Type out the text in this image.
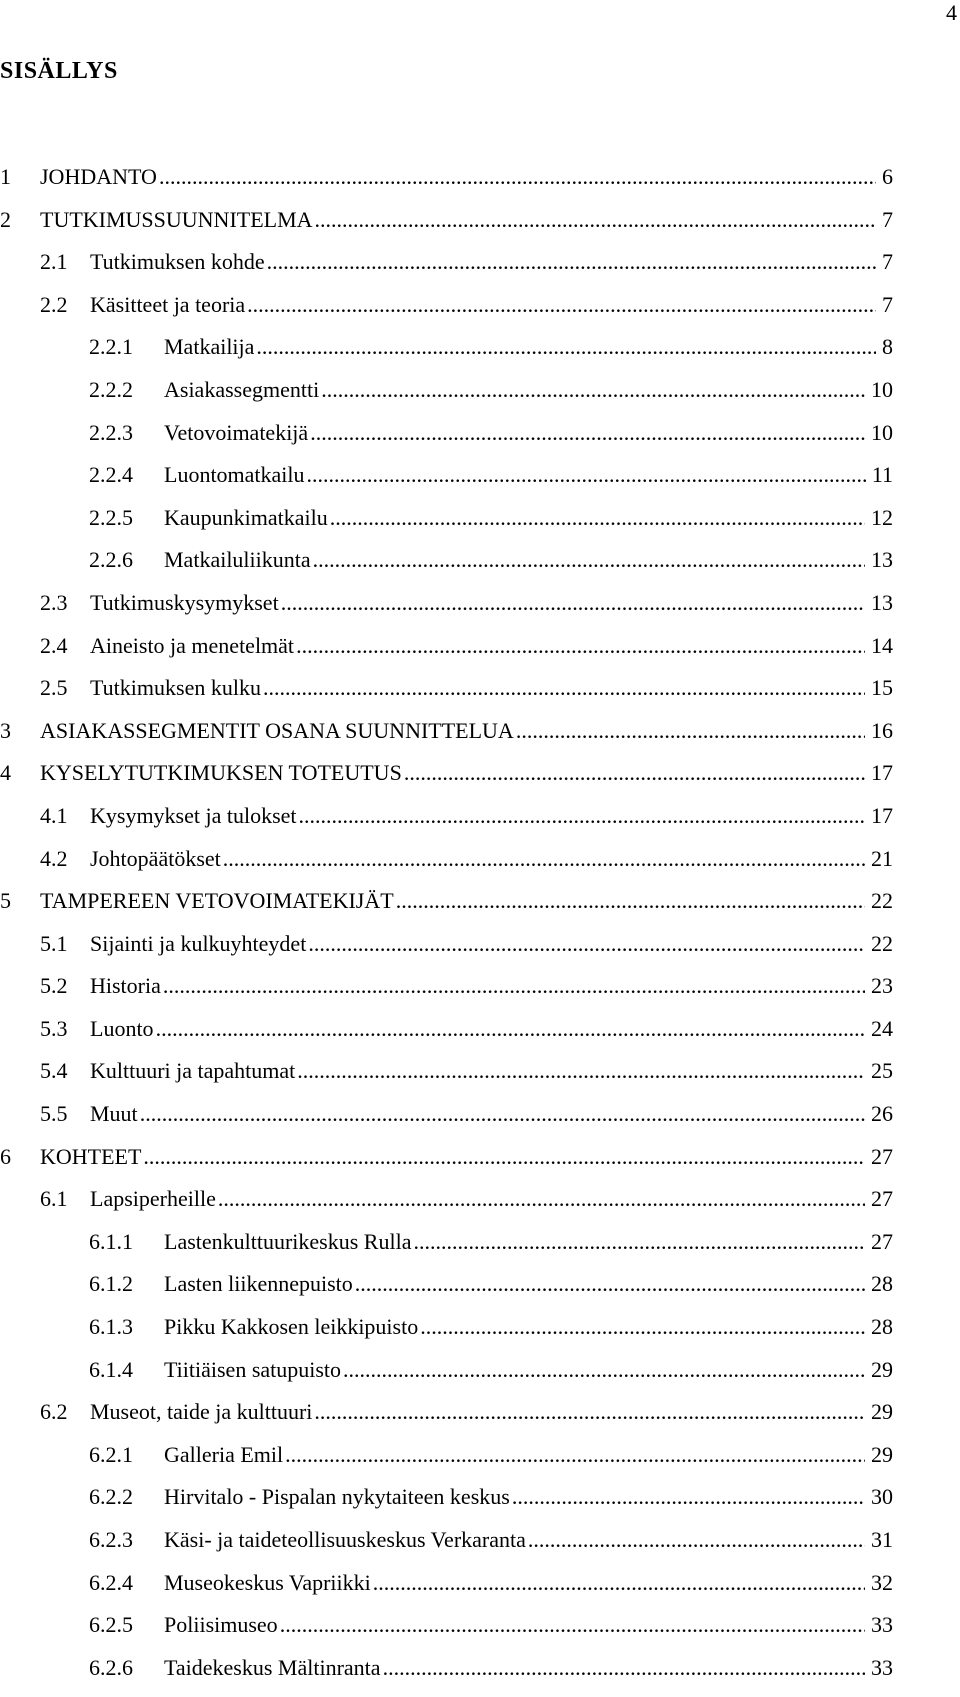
4
SISÄLLYS
1	JOHDANTO .....	6
2	TUTKIMUSSUUNNITELMA .....	7
2.1	Tutkimuksen kohde .....	7
2.2	Käsitteet ja teoria .....	7
2.2.1	Matkailija .....	8
2.2.2	Asiakassegmentti .....	10
2.2.3	Vetovoimatekijä .....	10
2.2.4	Luontomatkailu .....	11
2.2.5	Kaupunkimatkailu .....	12
2.2.6	Matkailuliikunta .....	13
2.3	Tutkimuskysymykset .....	13
2.4	Aineisto ja menetelmät .....	14
2.5	Tutkimuksen kulku .....	15
3	ASIAKASSEGMENTIT OSANA SUUNNITTELUA .....	16
4	KYSELYTUTKIMUKSEN TOTEUTUS .....	17
4.1	Kysymykset ja tulokset .....	17
4.2	Johtopäätökset .....	21
5	TAMPEREEN VETOVOIMATEKIJÄT .....	22
5.1	Sijainti ja kulkuyhteydet .....	22
5.2	Historia .....	23
5.3	Luonto .....	24
5.4	Kulttuuri ja tapahtumat .....	25
5.5	Muut .....	26
6	KOHTEET .....	27
6.1	Lapsiperheille .....	27
6.1.1	Lastenkulttuurikeskus Rulla .....	27
6.1.2	Lasten liikennepuisto .....	28
6.1.3	Pikku Kakkosen leikkipuisto .....	28
6.1.4	Tiitiäisen satupuisto .....	29
6.2	Museot, taide ja kulttuuri .....	29
6.2.1	Galleria Emil .....	29
6.2.2	Hirvitalo - Pispalan nykytaiteen keskus .....	30
6.2.3	Käsi- ja taideteollisuuskeskus Verkaranta .....	31
6.2.4	Museokeskus Vapriikki .....	32
6.2.5	Poliisimuseo .....	33
6.2.6	Taidekeskus Mältinranta .....	33
